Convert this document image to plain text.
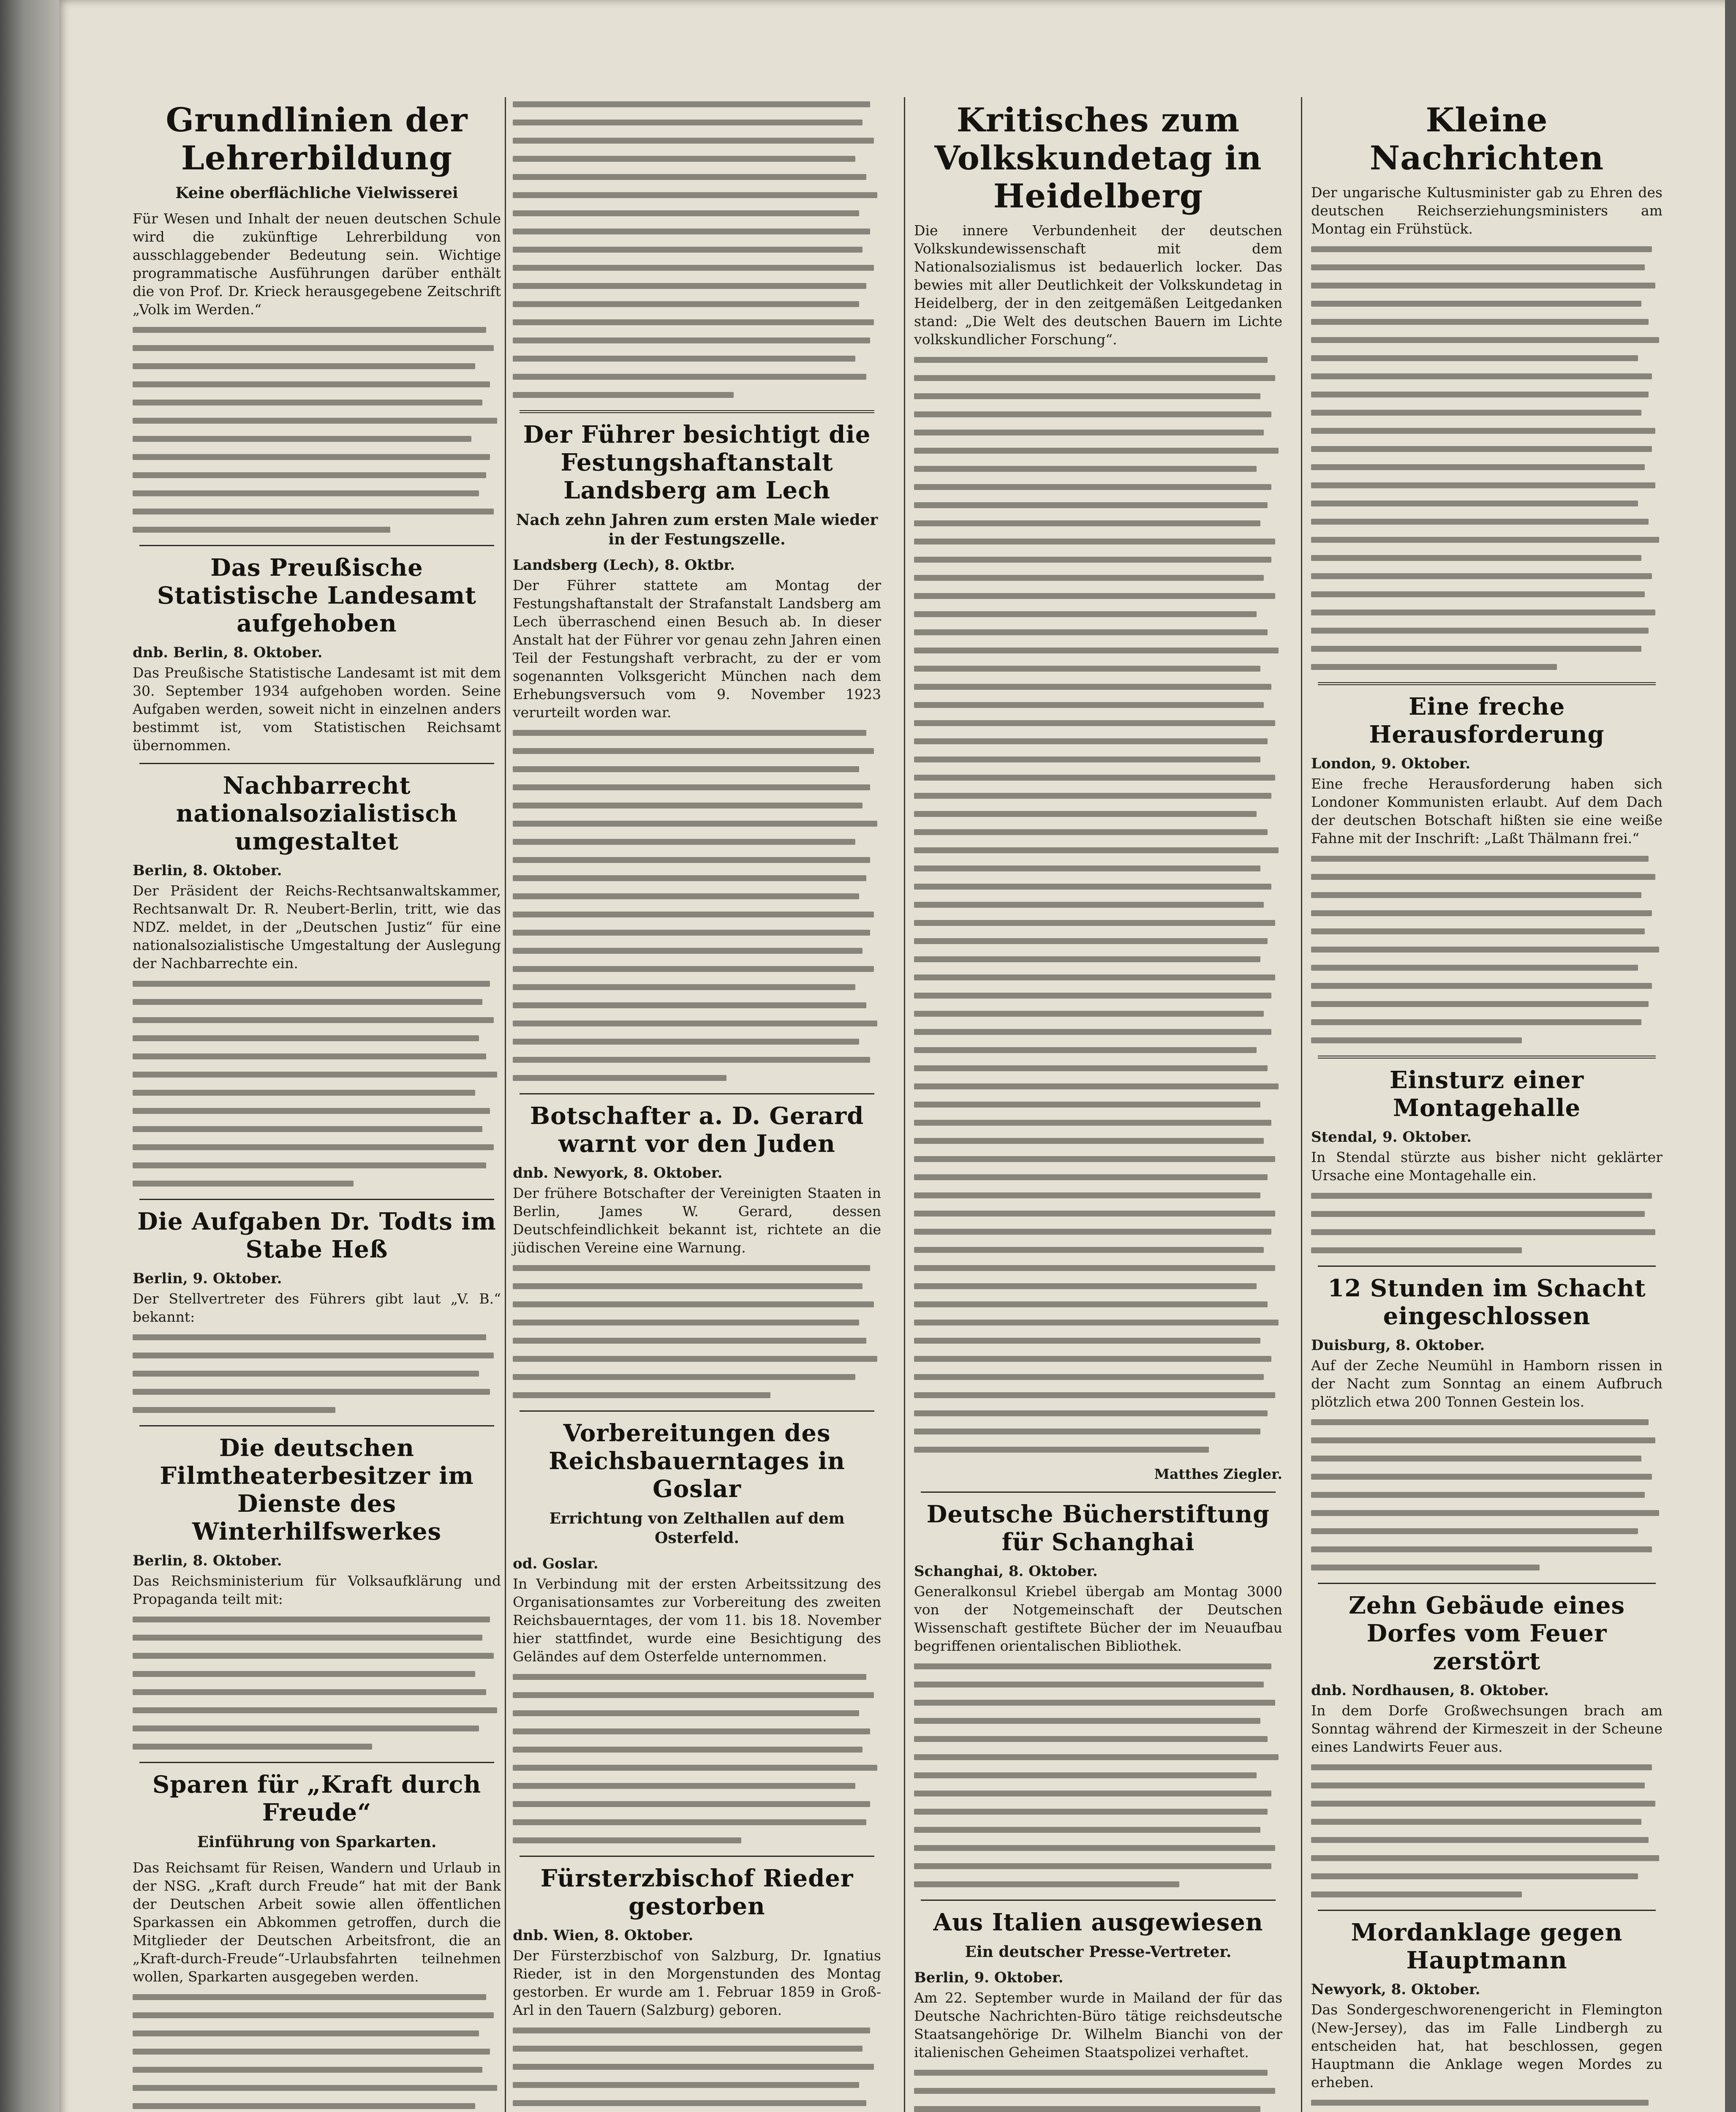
Grundlinien der Lehrerbildung
Keine oberflächliche Vielwisserei
Für Wesen und Inhalt der neuen deutschen Schule wird die zukünftige Lehrerbildung von ausschlaggebender Bedeutung sein. Wichtige programmatische Ausführungen darüber enthält die von Prof. Dr. Krieck herausgegebene Zeitschrift „Volk im Werden.“
Das Preußische Statistische Landesamt aufgehoben
dnb. Berlin, 8. Oktober.
Das Preußische Statistische Landesamt ist mit dem 30. September 1934 aufgehoben worden. Seine Aufgaben werden, soweit nicht in einzelnen anders bestimmt ist, vom Statistischen Reichsamt übernommen.
Nachbarrecht nationalsozialistisch umgestaltet
Berlin, 8. Oktober.
Der Präsident der Reichs-Rechtsanwaltskammer, Rechtsanwalt Dr. R. Neubert-Berlin, tritt, wie das NDZ. meldet, in der „Deutschen Justiz“ für eine nationalsozialistische Umgestaltung der Auslegung der Nachbarrechte ein.
Die Aufgaben Dr. Todts im Stabe Heß
Berlin, 9. Oktober.
Der Stellvertreter des Führers gibt laut „V. B.“ bekannt:
Die deutschen Filmtheaterbesitzer im Dienste des Winterhilfswerkes
Berlin, 8. Oktober.
Das Reichsministerium für Volksaufklärung und Propaganda teilt mit:
Sparen für „Kraft durch Freude“
Einführung von Sparkarten.
Das Reichsamt für Reisen, Wandern und Urlaub in der NSG. „Kraft durch Freude“ hat mit der Bank der Deutschen Arbeit sowie allen öffentlichen Sparkassen ein Abkommen getroffen, durch die Mitglieder der Deutschen Arbeitsfront, die an „Kraft-durch-Freude“-Urlaubsfahrten teilnehmen wollen, Sparkarten ausgegeben werden.
Der Führer besichtigt die Festungshaftanstalt Landsberg am Lech
Nach zehn Jahren zum ersten Male wieder in der Festungszelle.
Landsberg (Lech), 8. Oktbr.
Der Führer stattete am Montag der Festungshaftanstalt der Strafanstalt Landsberg am Lech überraschend einen Besuch ab. In dieser Anstalt hat der Führer vor genau zehn Jahren einen Teil der Festungshaft verbracht, zu der er vom sogenannten Volksgericht München nach dem Erhebungsversuch vom 9. November 1923 verurteilt worden war.
Botschafter a. D. Gerard warnt vor den Juden
dnb. Newyork, 8. Oktober.
Der frühere Botschafter der Vereinigten Staaten in Berlin, James W. Gerard, dessen Deutschfeindlichkeit bekannt ist, richtete an die jüdischen Vereine eine Warnung.
Vorbereitungen des Reichsbauerntages in Goslar
Errichtung von Zelthallen auf dem Osterfeld.
od. Goslar.
In Verbindung mit der ersten Arbeitssitzung des Organisationsamtes zur Vorbereitung des zweiten Reichsbauerntages, der vom 11. bis 18. November hier stattfindet, wurde eine Besichtigung des Geländes auf dem Osterfelde unternommen.
Fürsterzbischof Rieder gestorben
dnb. Wien, 8. Oktober.
Der Fürsterzbischof von Salzburg, Dr. Ignatius Rieder, ist in den Morgenstunden des Montag gestorben. Er wurde am 1. Februar 1859 in Groß-Arl in den Tauern (Salzburg) geboren.
Kritisches zum Volkskundetag in Heidelberg
Die innere Verbundenheit der deutschen Volkskundewissenschaft mit dem Nationalsozialismus ist bedauerlich locker. Das bewies mit aller Deutlichkeit der Volkskundetag in Heidelberg, der in den zeitgemäßen Leitgedanken stand: „Die Welt des deutschen Bauern im Lichte volkskundlicher Forschung“.
Matthes Ziegler.
Deutsche Bücherstiftung für Schanghai
Schanghai, 8. Oktober.
Generalkonsul Kriebel übergab am Montag 3000 von der Notgemeinschaft der Deutschen Wissenschaft gestiftete Bücher der im Neuaufbau begriffenen orientalischen Bibliothek.
Aus Italien ausgewiesen
Ein deutscher Presse-Vertreter.
Berlin, 9. Oktober.
Am 22. September wurde in Mailand der für das Deutsche Nachrichten-Büro tätige reichsdeutsche Staatsangehörige Dr. Wilhelm Bianchi von der italienischen Geheimen Staatspolizei verhaftet.
Kleine Nachrichten
Der ungarische Kultusminister gab zu Ehren des deutschen Reichserziehungsministers am Montag ein Frühstück.
Eine freche Herausforderung
London, 9. Oktober.
Eine freche Herausforderung haben sich Londoner Kommunisten erlaubt. Auf dem Dach der deutschen Botschaft hißten sie eine weiße Fahne mit der Inschrift: „Laßt Thälmann frei.“
Einsturz einer Montagehalle
Stendal, 9. Oktober.
In Stendal stürzte aus bisher nicht geklärter Ursache eine Montagehalle ein.
12 Stunden im Schacht eingeschlossen
Duisburg, 8. Oktober.
Auf der Zeche Neumühl in Hamborn rissen in der Nacht zum Sonntag an einem Aufbruch plötzlich etwa 200 Tonnen Gestein los.
Zehn Gebäude eines Dorfes vom Feuer zerstört
dnb. Nordhausen, 8. Oktober.
In dem Dorfe Großwechsungen brach am Sonntag während der Kirmeszeit in der Scheune eines Landwirts Feuer aus.
Mordanklage gegen Hauptmann
Newyork, 8. Oktober.
Das Sondergeschworenengericht in Flemington (New-Jersey), das im Falle Lindbergh zu entscheiden hat, hat beschlossen, gegen Hauptmann die Anklage wegen Mordes zu erheben.
